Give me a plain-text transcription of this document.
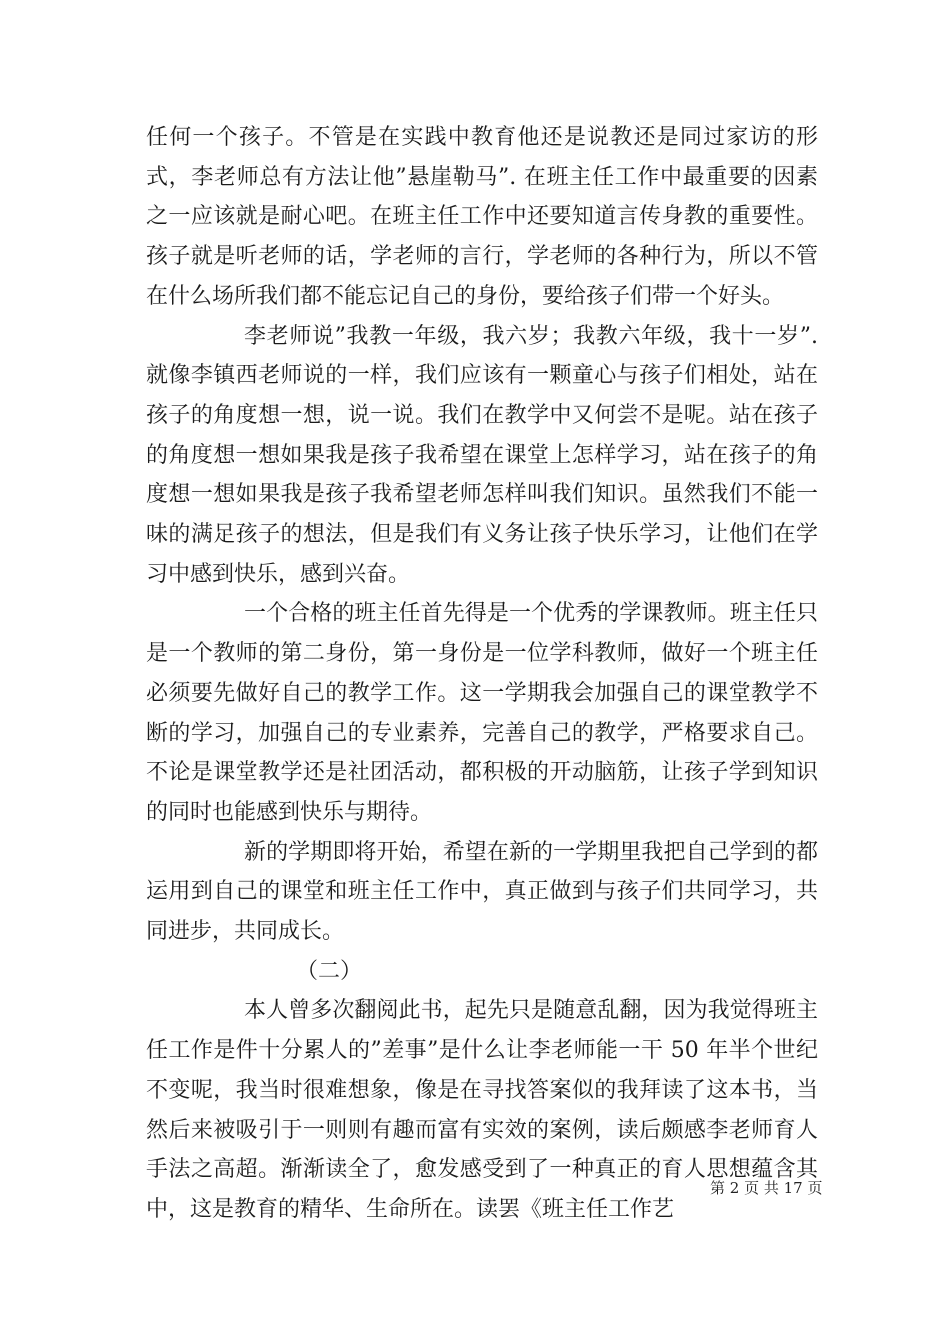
任何一个孩子。不管是在实践中教育他还是说教还是同过家访的形式，李老师总有方法让他”悬崖勒马”. 在班主任工作中最重要的因素之一应该就是耐心吧。在班主任工作中还要知道言传身教的重要性。孩子就是听老师的话，学老师的言行，学老师的各种行为，所以不管在什么场所我们都不能忘记自己的身份，要给孩子们带一个好头。

李老师说”我教一年级，我六岁；我教六年级，我十一岁”. 就像李镇西老师说的一样，我们应该有一颗童心与孩子们相处，站在孩子的角度想一想，说一说。我们在教学中又何尝不是呢。站在孩子的角度想一想如果我是孩子我希望在课堂上怎样学习，站在孩子的角度想一想如果我是孩子我希望老师怎样叫我们知识。虽然我们不能一味的满足孩子的想法，但是我们有义务让孩子快乐学习，让他们在学习中感到快乐，感到兴奋。

一个合格的班主任首先得是一个优秀的学课教师。班主任只是一个教师的第二身份，第一身份是一位学科教师，做好一个班主任必须要先做好自己的教学工作。这一学期我会加强自己的课堂教学不断的学习，加强自己的专业素养，完善自己的教学，严格要求自己。不论是课堂教学还是社团活动，都积极的开动脑筋，让孩子学到知识的同时也能感到快乐与期待。

新的学期即将开始，希望在新的一学期里我把自己学到的都运用到自己的课堂和班主任工作中，真正做到与孩子们共同学习，共同进步，共同成长。

（二）

本人曾多次翻阅此书，起先只是随意乱翻，因为我觉得班主任工作是件十分累人的”差事”是什么让李老师能一干 50 年半个世纪不变呢，我当时很难想象，像是在寻找答案似的我拜读了这本书，当然后来被吸引于一则则有趣而富有实效的案例，读后颇感李老师育人手法之高超。渐渐读全了，愈发感受到了一种真正的育人思想蕴含其中，这是教育的精华、生命所在。读罢《班主任工作艺

第 2 页 共 17 页
